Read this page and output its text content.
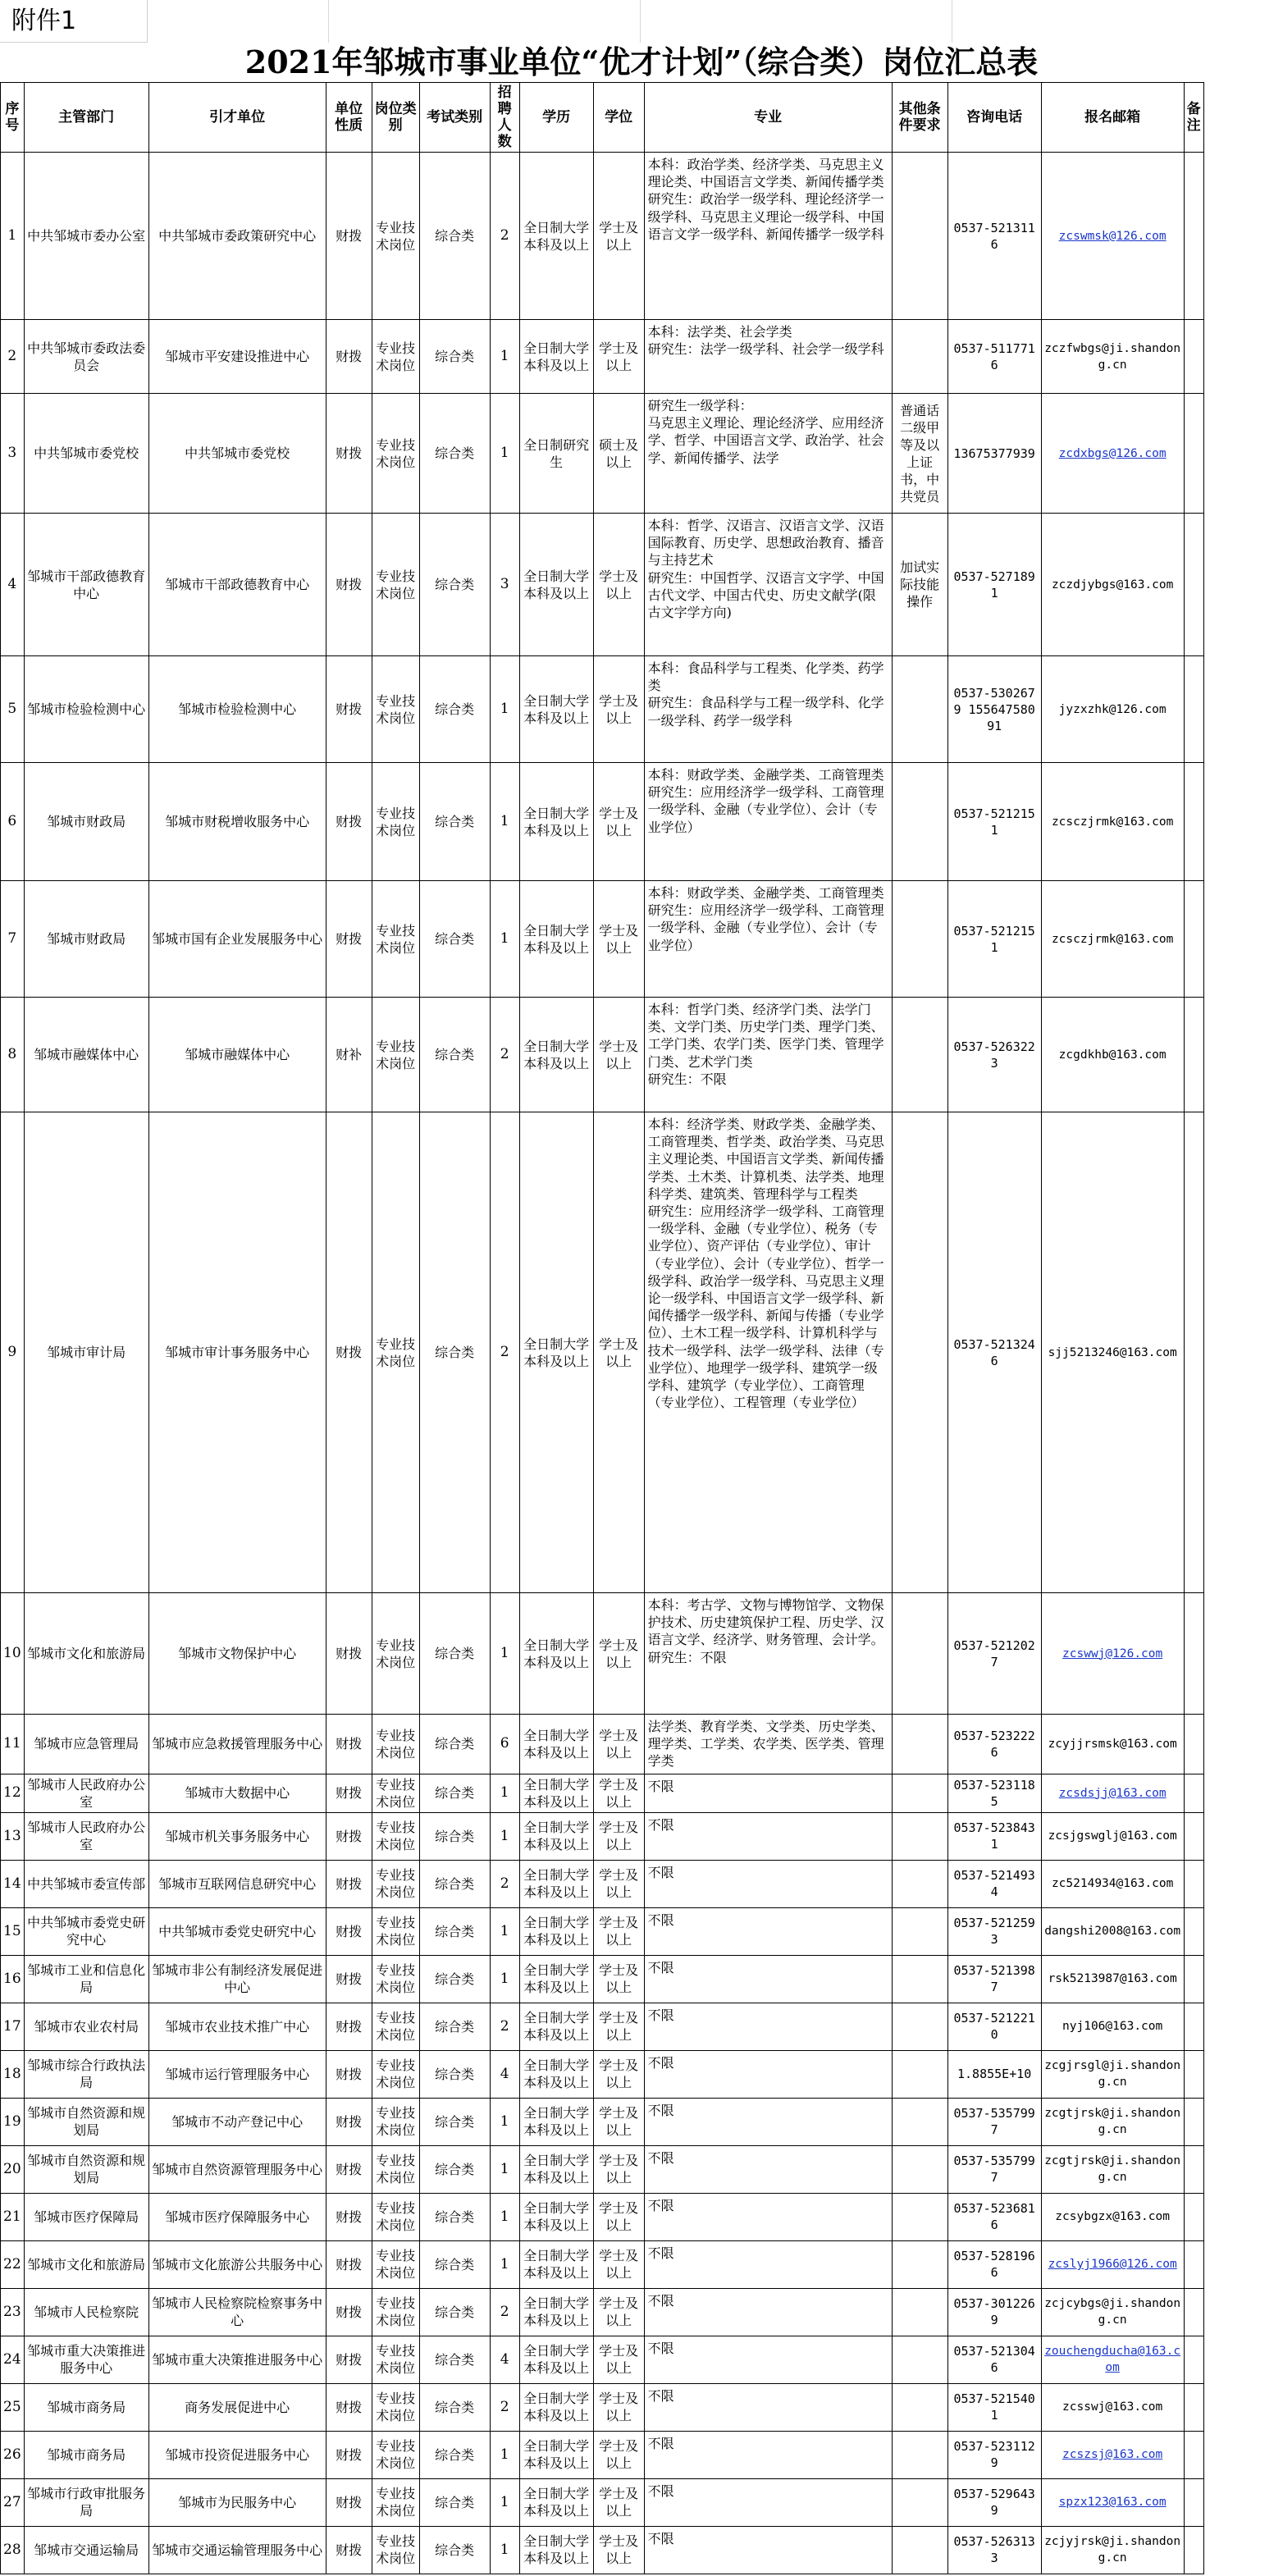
附件1
2021年邹城市事业单位“优才计划”（综合类）岗位汇总表
序号	主管部门	引才单位	单位性质	岗位类别	考试类别	招聘人数	学历	学位	专业	其他条件要求	咨询电话	报名邮箱	备注

1	中共邹城市委办公室	中共邹城市委政策研究中心	财拨	专业技术岗位	综合类	2	全日制大学本科及以上	学士及以上	本科：政治学类、经济学类、马克思主义理论类、中国语言文学类、新闻传播学类
研究生：政治学一级学科、理论经济学一级学科、马克思主义理论一级学科、中国语言文学一级学科、新闻传播学一级学科		0537-5213116	zcswmsk@126.com	

2	中共邹城市委政法委员会	邹城市平安建设推进中心	财拨	专业技术岗位	综合类	1	全日制大学本科及以上	学士及以上	本科：法学类、社会学类
研究生：法学一级学科、社会学一级学科		0537-5117716	zczfwbgs@ji.shandong.cn	

3	中共邹城市委党校	中共邹城市委党校	财拨	专业技术岗位	综合类	1	全日制研究生	硕士及以上	研究生一级学科：
马克思主义理论、理论经济学、应用经济学、哲学、中国语言文学、政治学、社会学、新闻传播学、法学	普通话二级甲等及以上证书，中共党员	13675377939	zcdxbgs@126.com	

4	邹城市干部政德教育中心	邹城市干部政德教育中心	财拨	专业技术岗位	综合类	3	全日制大学本科及以上	学士及以上	本科：哲学、汉语言、汉语言文学、汉语国际教育、历史学、思想政治教育、播音与主持艺术
研究生：中国哲学、汉语言文字学、中国古代文学、中国古代史、历史文献学(限古文字学方向)	加试实际技能操作	0537-5271891	zczdjybgs@163.com	

5	邹城市检验检测中心	邹城市检验检测中心	财拨	专业技术岗位	综合类	1	全日制大学本科及以上	学士及以上	本科：食品科学与工程类、化学类、药学类
研究生：食品科学与工程一级学科、化学一级学科、药学一级学科		0537-5302679 15564758091	jyzxzhk@126.com	

6	邹城市财政局	邹城市财税增收服务中心	财拨	专业技术岗位	综合类	1	全日制大学本科及以上	学士及以上	本科：财政学类、金融学类、工商管理类
研究生：应用经济学一级学科、工商管理一级学科、金融（专业学位）、会计（专业学位）		0537-5212151	zcsczjrmk@163.com	

7	邹城市财政局	邹城市国有企业发展服务中心	财拨	专业技术岗位	综合类	1	全日制大学本科及以上	学士及以上	本科：财政学类、金融学类、工商管理类
研究生：应用经济学一级学科、工商管理一级学科、金融（专业学位）、会计（专业学位）		0537-5212151	zcsczjrmk@163.com	

8	邹城市融媒体中心	邹城市融媒体中心	财补	专业技术岗位	综合类	2	全日制大学本科及以上	学士及以上	本科：哲学门类、经济学门类、法学门类、文学门类、历史学门类、理学门类、工学门类、农学门类、医学门类、管理学门类、艺术学门类
研究生：不限		0537-5263223	zcgdkhb@163.com	

9	邹城市审计局	邹城市审计事务服务中心	财拨	专业技术岗位	综合类	2	全日制大学本科及以上	学士及以上	本科：经济学类、财政学类、金融学类、工商管理类、哲学类、政治学类、马克思主义理论类、中国语言文学类、新闻传播学类、土木类、计算机类、法学类、地理科学类、建筑类、管理科学与工程类
研究生：应用经济学一级学科、工商管理一级学科、金融（专业学位）、税务（专业学位）、资产评估（专业学位）、审计（专业学位）、会计（专业学位）、哲学一级学科、政治学一级学科、马克思主义理论一级学科、中国语言文学一级学科、新闻传播学一级学科、新闻与传播（专业学位）、土木工程一级学科、计算机科学与技术一级学科、法学一级学科、法律（专业学位）、地理学一级学科、建筑学一级学科、建筑学（专业学位）、工商管理（专业学位）、工程管理（专业学位）		0537-5213246	sjj5213246@163.com	

10	邹城市文化和旅游局	邹城市文物保护中心	财拨	专业技术岗位	综合类	1	全日制大学本科及以上	学士及以上	本科：考古学、文物与博物馆学、文物保护技术、历史建筑保护工程、历史学、汉语言文学、经济学、财务管理、会计学。
研究生：不限		0537-5212027	zcswwj@126.com	

11	邹城市应急管理局	邹城市应急救援管理服务中心	财拨	专业技术岗位	综合类	6	全日制大学本科及以上	学士及以上	法学类、教育学类、文学类、历史学类、理学类、工学类、农学类、医学类、管理学类		0537-5232226	zcyjjrsmsk@163.com	

12	邹城市人民政府办公室	邹城市大数据中心	财拨	专业技术岗位	综合类	1	全日制大学本科及以上	学士及以上	不限		0537-5231185	zcsdsjj@163.com	

13	邹城市人民政府办公室	邹城市机关事务服务中心	财拨	专业技术岗位	综合类	1	全日制大学本科及以上	学士及以上	不限		0537-5238431	zcsjgswglj@163.com	

14	中共邹城市委宣传部	邹城市互联网信息研究中心	财拨	专业技术岗位	综合类	2	全日制大学本科及以上	学士及以上	不限		0537-5214934	zc5214934@163.com	

15	中共邹城市委党史研究中心	中共邹城市委党史研究中心	财拨	专业技术岗位	综合类	1	全日制大学本科及以上	学士及以上	不限		0537-5212593	dangshi2008@163.com	

16	邹城市工业和信息化局	邹城市非公有制经济发展促进中心	财拨	专业技术岗位	综合类	1	全日制大学本科及以上	学士及以上	不限		0537-5213987	rsk5213987@163.com	

17	邹城市农业农村局	邹城市农业技术推广中心	财拨	专业技术岗位	综合类	2	全日制大学本科及以上	学士及以上	不限		0537-5212210	nyj106@163.com	

18	邹城市综合行政执法局	邹城市运行管理服务中心	财拨	专业技术岗位	综合类	4	全日制大学本科及以上	学士及以上	不限		1.8855E+10	zcgjrsgl@ji.shandong.cn	

19	邹城市自然资源和规划局	邹城市不动产登记中心	财拨	专业技术岗位	综合类	1	全日制大学本科及以上	学士及以上	不限		0537-5357997	zcgtjrsk@ji.shandong.cn	

20	邹城市自然资源和规划局	邹城市自然资源管理服务中心	财拨	专业技术岗位	综合类	1	全日制大学本科及以上	学士及以上	不限		0537-5357997	zcgtjrsk@ji.shandong.cn	

21	邹城市医疗保障局	邹城市医疗保障服务中心	财拨	专业技术岗位	综合类	1	全日制大学本科及以上	学士及以上	不限		0537-5236816	zcsybgzx@163.com	

22	邹城市文化和旅游局	邹城市文化旅游公共服务中心	财拨	专业技术岗位	综合类	1	全日制大学本科及以上	学士及以上	不限		0537-5281966	zcslyj1966@126.com	

23	邹城市人民检察院	邹城市人民检察院检察事务中心	财拨	专业技术岗位	综合类	2	全日制大学本科及以上	学士及以上	不限		0537-3012269	zcjcybgs@ji.shandong.cn	

24	邹城市重大决策推进服务中心	邹城市重大决策推进服务中心	财拨	专业技术岗位	综合类	4	全日制大学本科及以上	学士及以上	不限		0537-5213046	zouchengducha@163.com	

25	邹城市商务局	商务发展促进中心	财拨	专业技术岗位	综合类	2	全日制大学本科及以上	学士及以上	不限		0537-5215401	zcsswj@163.com	

26	邹城市商务局	邹城市投资促进服务中心	财拨	专业技术岗位	综合类	1	全日制大学本科及以上	学士及以上	不限		0537-5231129	zcszsj@163.com	

27	邹城市行政审批服务局	邹城市为民服务中心	财拨	专业技术岗位	综合类	1	全日制大学本科及以上	学士及以上	不限		0537-5296439	spzx123@163.com	

28	邹城市交通运输局	邹城市交通运输管理服务中心	财拨	专业技术岗位	综合类	1	全日制大学本科及以上	学士及以上	不限		0537-5263133	zcjyjrsk@ji.shandong.cn	
